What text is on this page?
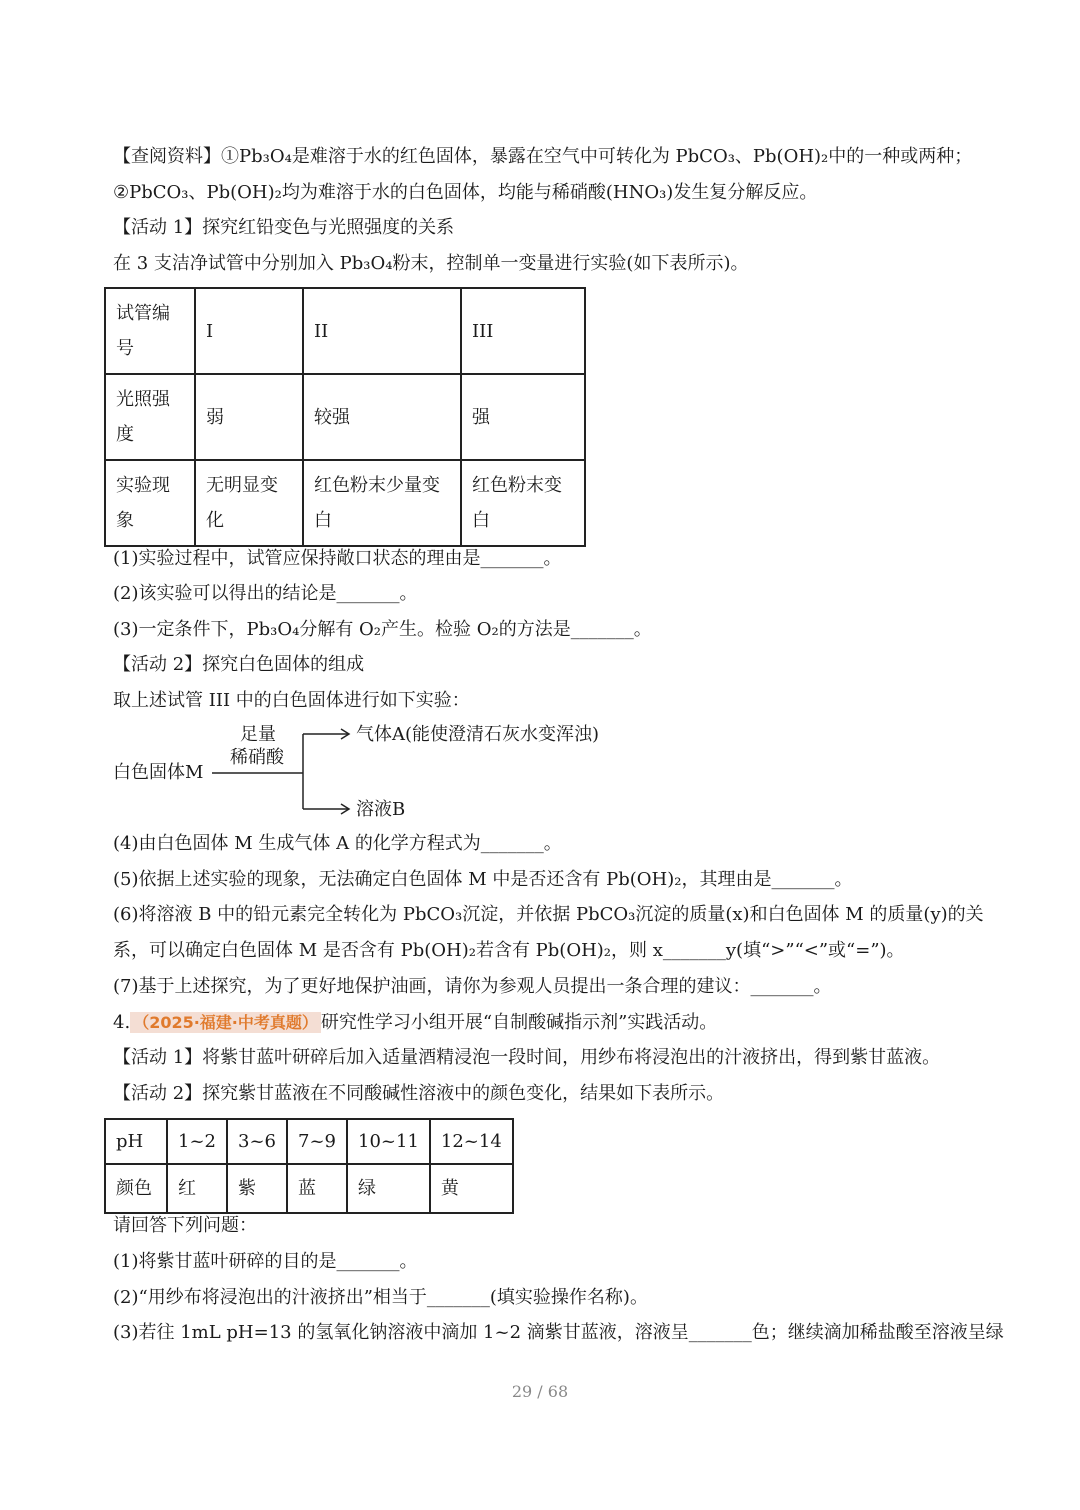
【查阅资料】①Pb₃O₄是难溶于水的红色固体，暴露在空气中可转化为 PbCO₃、Pb(OH)₂中的一种或两种；
②PbCO₃、Pb(OH)₂均为难溶于水的白色固体，均能与稀硝酸(HNO₃)发生复分解反应。
【活动 1】探究红铅变色与光照强度的关系
在 3 支洁净试管中分别加入 Pb₃O₄粉末，控制单一变量进行实验(如下表所示)。
试管编号	I	II	III
光照强度	弱	较强	强
实验现象	无明显变化	红色粉末少量变白	红色粉末变白
(1)实验过程中，试管应保持敞口状态的理由是_______。
(2)该实验可以得出的结论是_______。
(3)一定条件下，Pb₃O₄分解有 O₂产生。检验 O₂的方法是_______。
【活动 2】探究白色固体的组成
取上述试管 III 中的白色固体进行如下实验：
白色固体M
足量
稀硝酸
气体A(能使澄清石灰水变浑浊)
溶液B
(4)由白色固体 M 生成气体 A 的化学方程式为_______。
(5)依据上述实验的现象，无法确定白色固体 M 中是否还含有 Pb(OH)₂，其理由是_______。
(6)将溶液 B 中的铅元素完全转化为 PbCO₃沉淀，并依据 PbCO₃沉淀的质量(x)和白色固体 M 的质量(y)的关
系，可以确定白色固体 M 是否含有 Pb(OH)₂若含有 Pb(OH)₂，则 x_______y(填“>”“<”或“=”)。
(7)基于上述探究，为了更好地保护油画，请你为参观人员提出一条合理的建议：_______。
4. （2025·福建·中考真题） 研究性学习小组开展“自制酸碱指示剂”实践活动。
【活动 1】将紫甘蓝叶研碎后加入适量酒精浸泡一段时间，用纱布将浸泡出的汁液挤出，得到紫甘蓝液。
【活动 2】探究紫甘蓝液在不同酸碱性溶液中的颜色变化，结果如下表所示。
pH	1~2	3~6	7~9	10~11	12~14
颜色	红	紫	蓝	绿	黄
请回答下列问题：
(1)将紫甘蓝叶研碎的目的是_______。
(2)“用纱布将浸泡出的汁液挤出”相当于_______(填实验操作名称)。
(3)若往 1mL pH=13 的氢氧化钠溶液中滴加 1~2 滴紫甘蓝液，溶液呈_______色；继续滴加稀盐酸至溶液呈绿
29 / 68
